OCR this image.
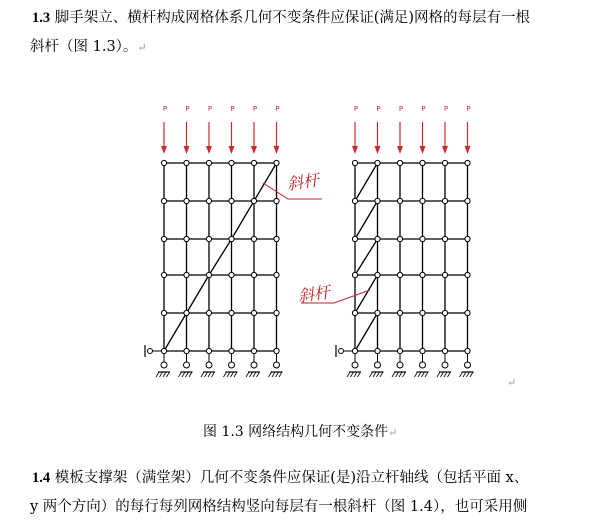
1.3 脚手架立、横杆构成网格体系几何不变条件应保证(满足)网格的每层有一根
斜杆（图 1.3）。↵
P	P	P	P	P	P	P	P	P	P	P	P
斜杆
斜杆
↵
图 1.3 网络结构几何不变条件↵
1.4 模板支撑架（满堂架）几何不变条件应保证(是)沿立杆轴线（包括平面 x、
y 两个方向）的每行每列网格结构竖向每层有一根斜杆（图 1.4），也可采用侧
